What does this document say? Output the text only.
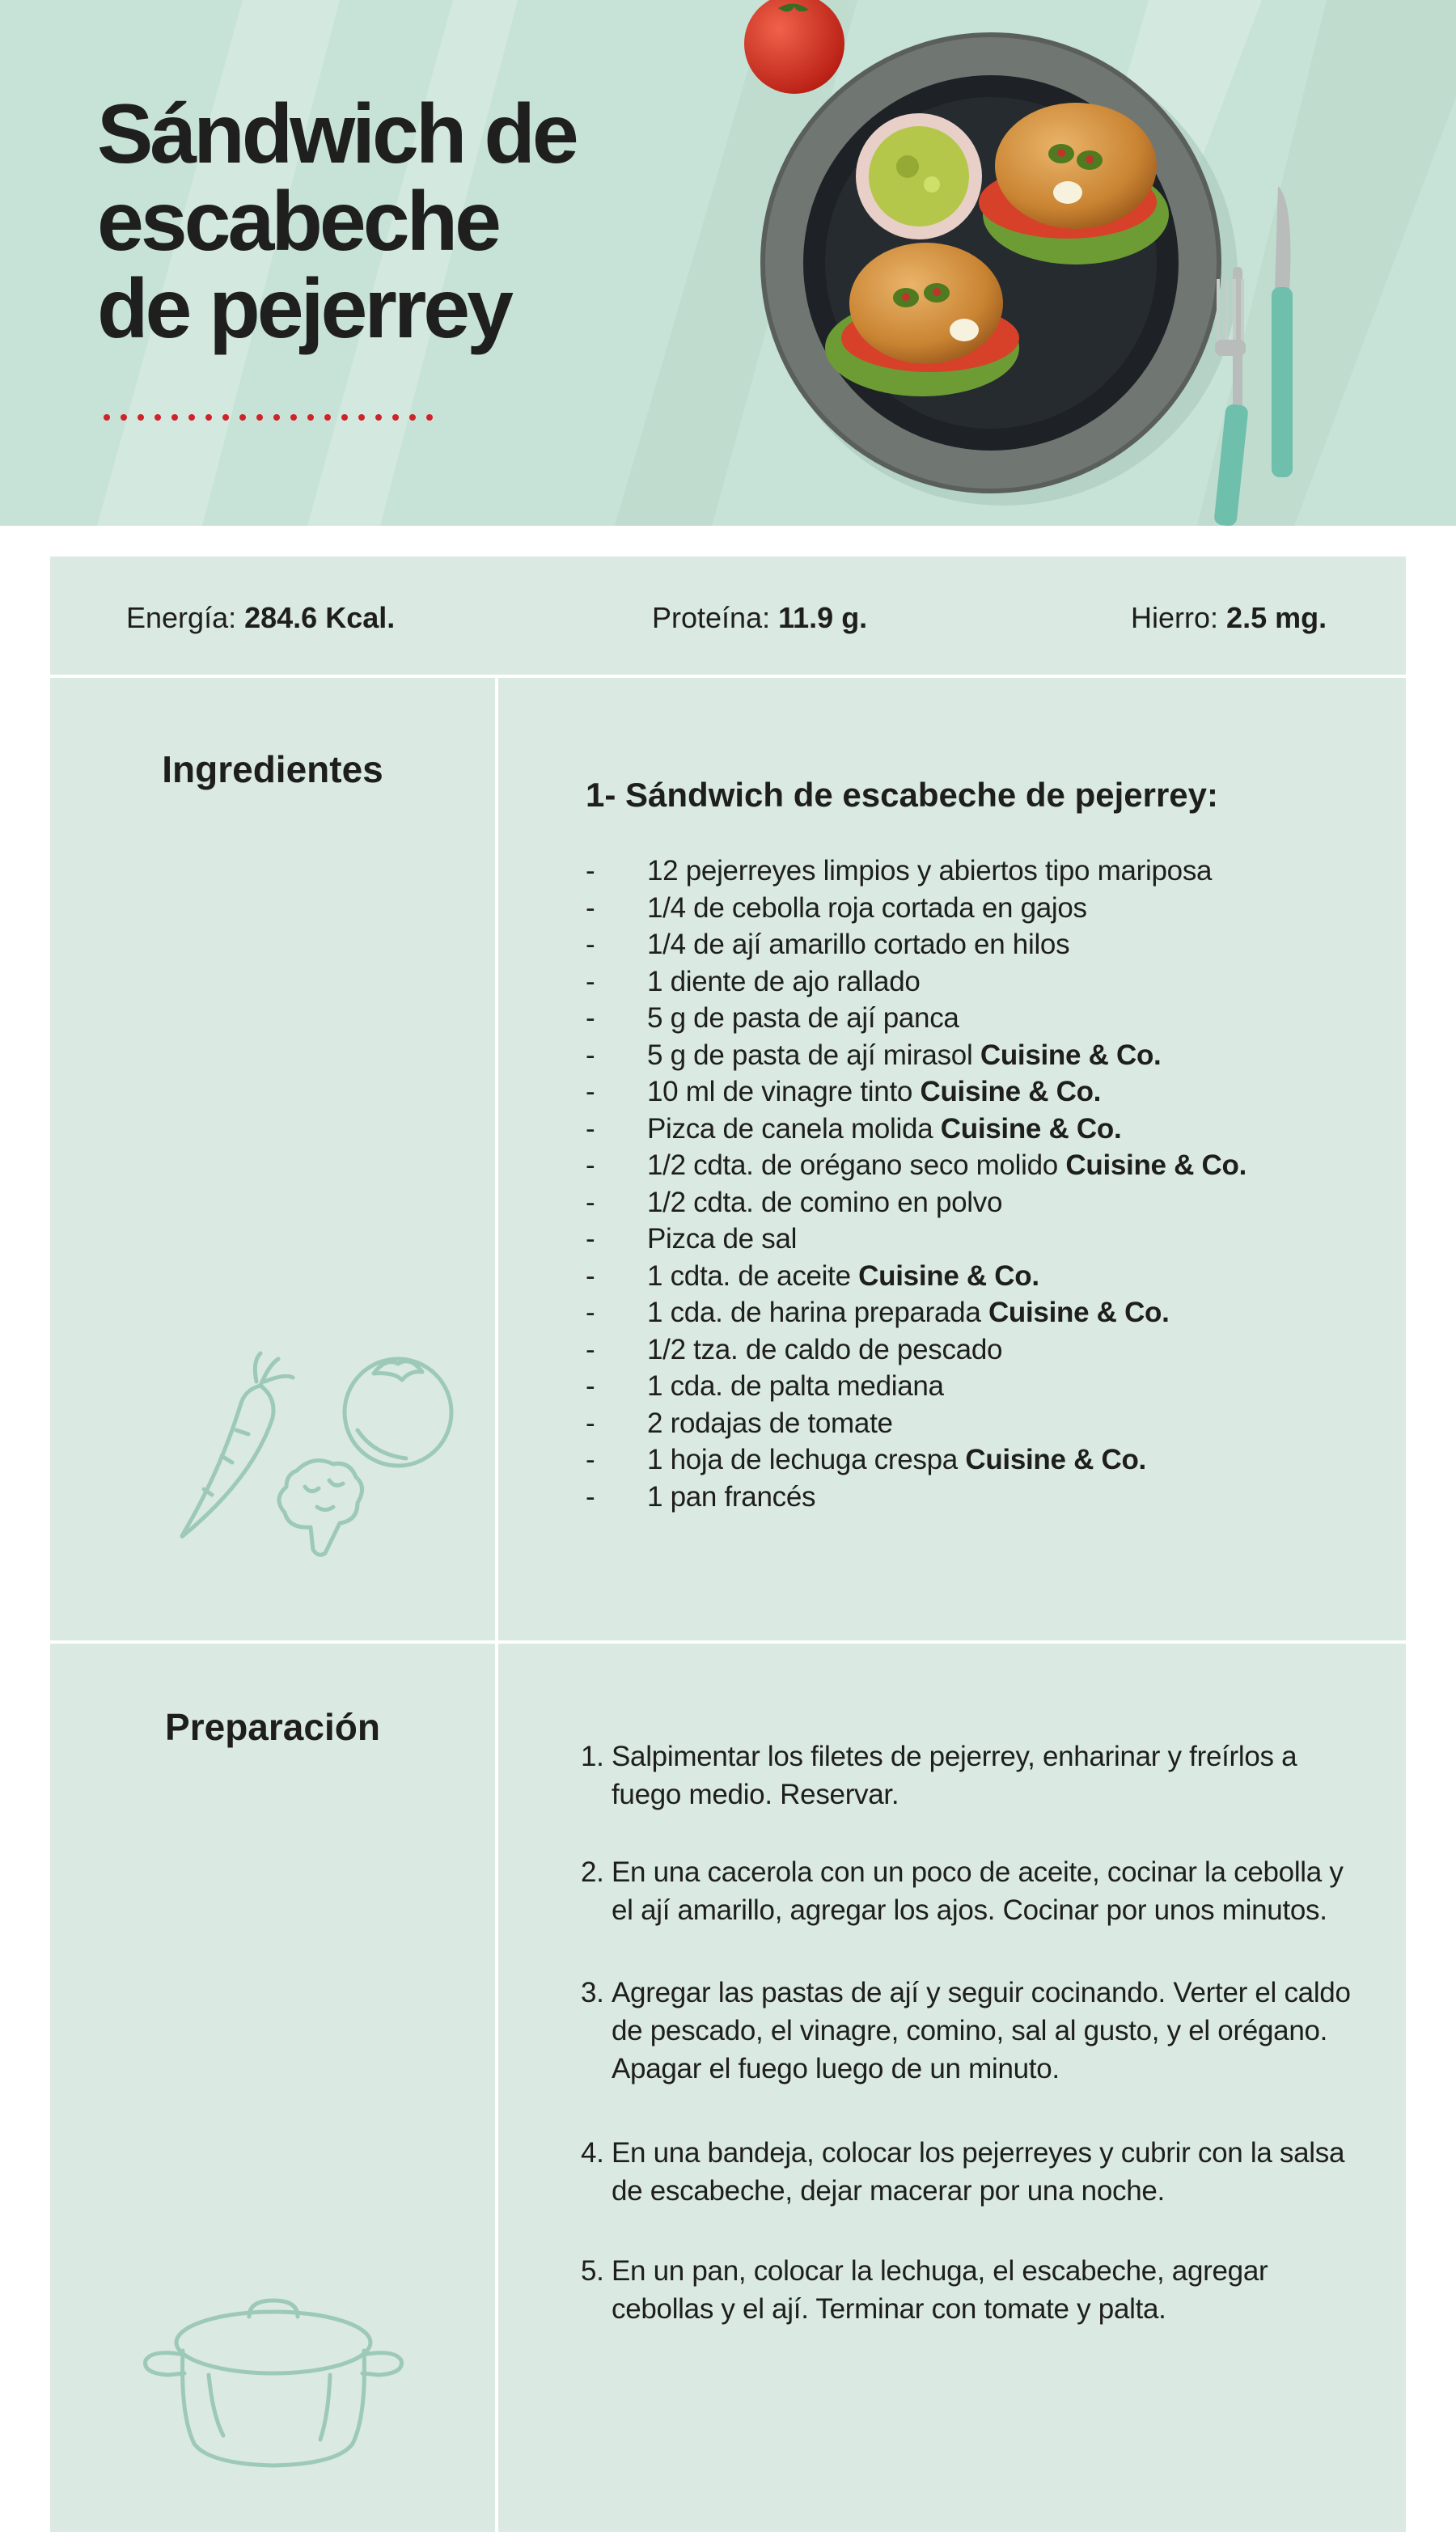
Sándwich de
escabeche
de pejerrey
Energía: 284.6 Kcal.	Proteína: 11.9 g.	Hierro: 2.5 mg.
Ingredientes
1- Sándwich de escabeche de pejerrey:
- 12 pejerreyes limpios y abiertos tipo mariposa
- 1/4 de cebolla roja cortada en gajos
- 1/4 de ají amarillo cortado en hilos
- 1 diente de ajo rallado
- 5 g de pasta de ají panca
- 5 g de pasta de ají mirasol Cuisine & Co.
- 10 ml de vinagre tinto Cuisine & Co.
- Pizca de canela molida Cuisine & Co.
- 1/2 cdta. de orégano seco molido Cuisine & Co.
- 1/2 cdta. de comino en polvo
- Pizca de sal
- 1 cdta. de aceite Cuisine & Co.
- 1 cda. de harina preparada Cuisine & Co.
- 1/2 tza. de caldo de pescado
- 1 cda. de palta mediana
- 2 rodajas de tomate
- 1 hoja de lechuga crespa Cuisine & Co.
- 1 pan francés
Preparación
1. Salpimentar los filetes de pejerrey, enharinar y freírlos a fuego medio. Reservar.
2. En una cacerola con un poco de aceite, cocinar la cebolla y el ají amarillo, agregar los ajos. Cocinar por unos minutos.
3. Agregar las pastas de ají y seguir cocinando. Verter el caldo de pescado, el vinagre, comino, sal al gusto, y el orégano. Apagar el fuego luego de un minuto.
4. En una bandeja, colocar los pejerreyes y cubrir con la salsa de escabeche, dejar macerar por una noche.
5. En un pan, colocar la lechuga, el escabeche, agregar cebollas y el ají. Terminar con tomate y palta.
